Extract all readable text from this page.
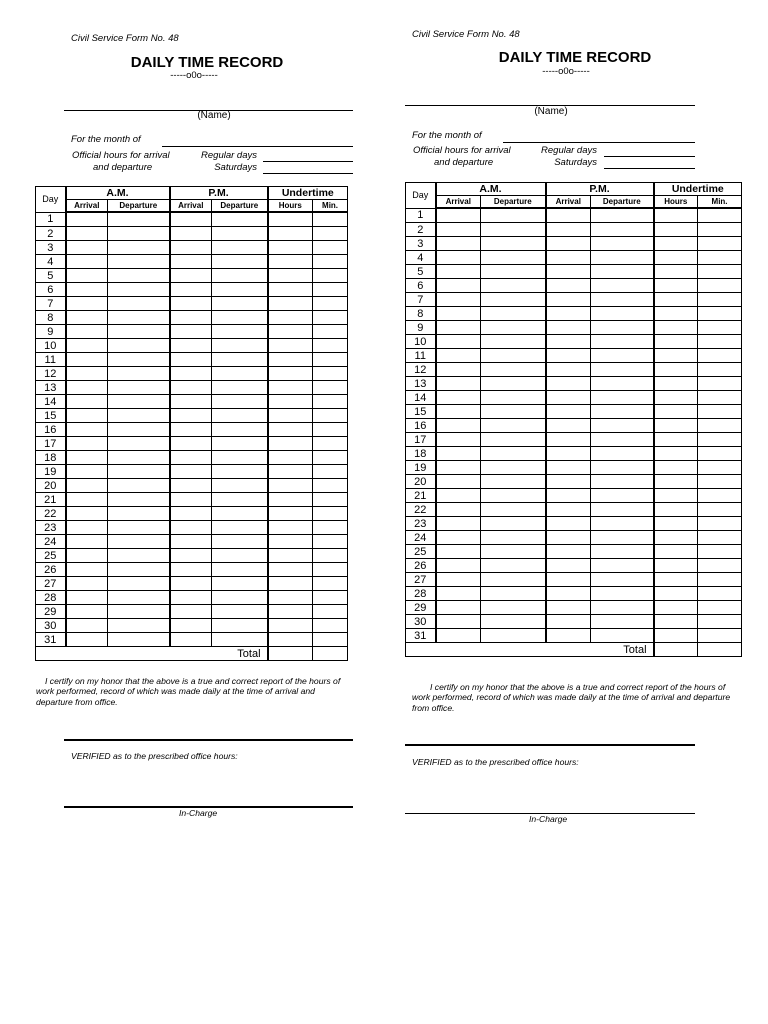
Civil Service Form No. 48
DAILY TIME RECORD
-----o0o-----
(Name)
For the month of
Official hours for arrival
and departure
Regular days
Saturdays
Day	A.M.		P.M.		Undertime	
	Arrival	Departure	Arrival	Departure	Hours	Min.
1						
2						
3						
4						
5						
6						
7						
8						
9						
10						
11						
12						
13						
14						
15						
16						
17						
18						
19						
20						
21						
22						
23						
24						
25						
26						
27						
28						
29						
30						
31						
Total						
I certify on my honor that the above is a true and correct report of the hours of work performed, record of which was made daily at the time of arrival and departure from office.
VERIFIED as to the prescribed office hours:
In-Charge
Civil Service Form No. 48
DAILY TIME RECORD
-----o0o-----
(Name)
For the month of
Official hours for arrival
and departure
Regular days
Saturdays
Day	A.M.		P.M.		Undertime	
	Arrival	Departure	Arrival	Departure	Hours	Min.
1						
2						
3						
4						
5						
6						
7						
8						
9						
10						
11						
12						
13						
14						
15						
16						
17						
18						
19						
20						
21						
22						
23						
24						
25						
26						
27						
28						
29						
30						
31						
Total						
I certify on my honor that the above is a true and correct report of the hours of work performed, record of which was made daily at the time of arrival and departure from office.
VERIFIED as to the prescribed office hours:
In-Charge
